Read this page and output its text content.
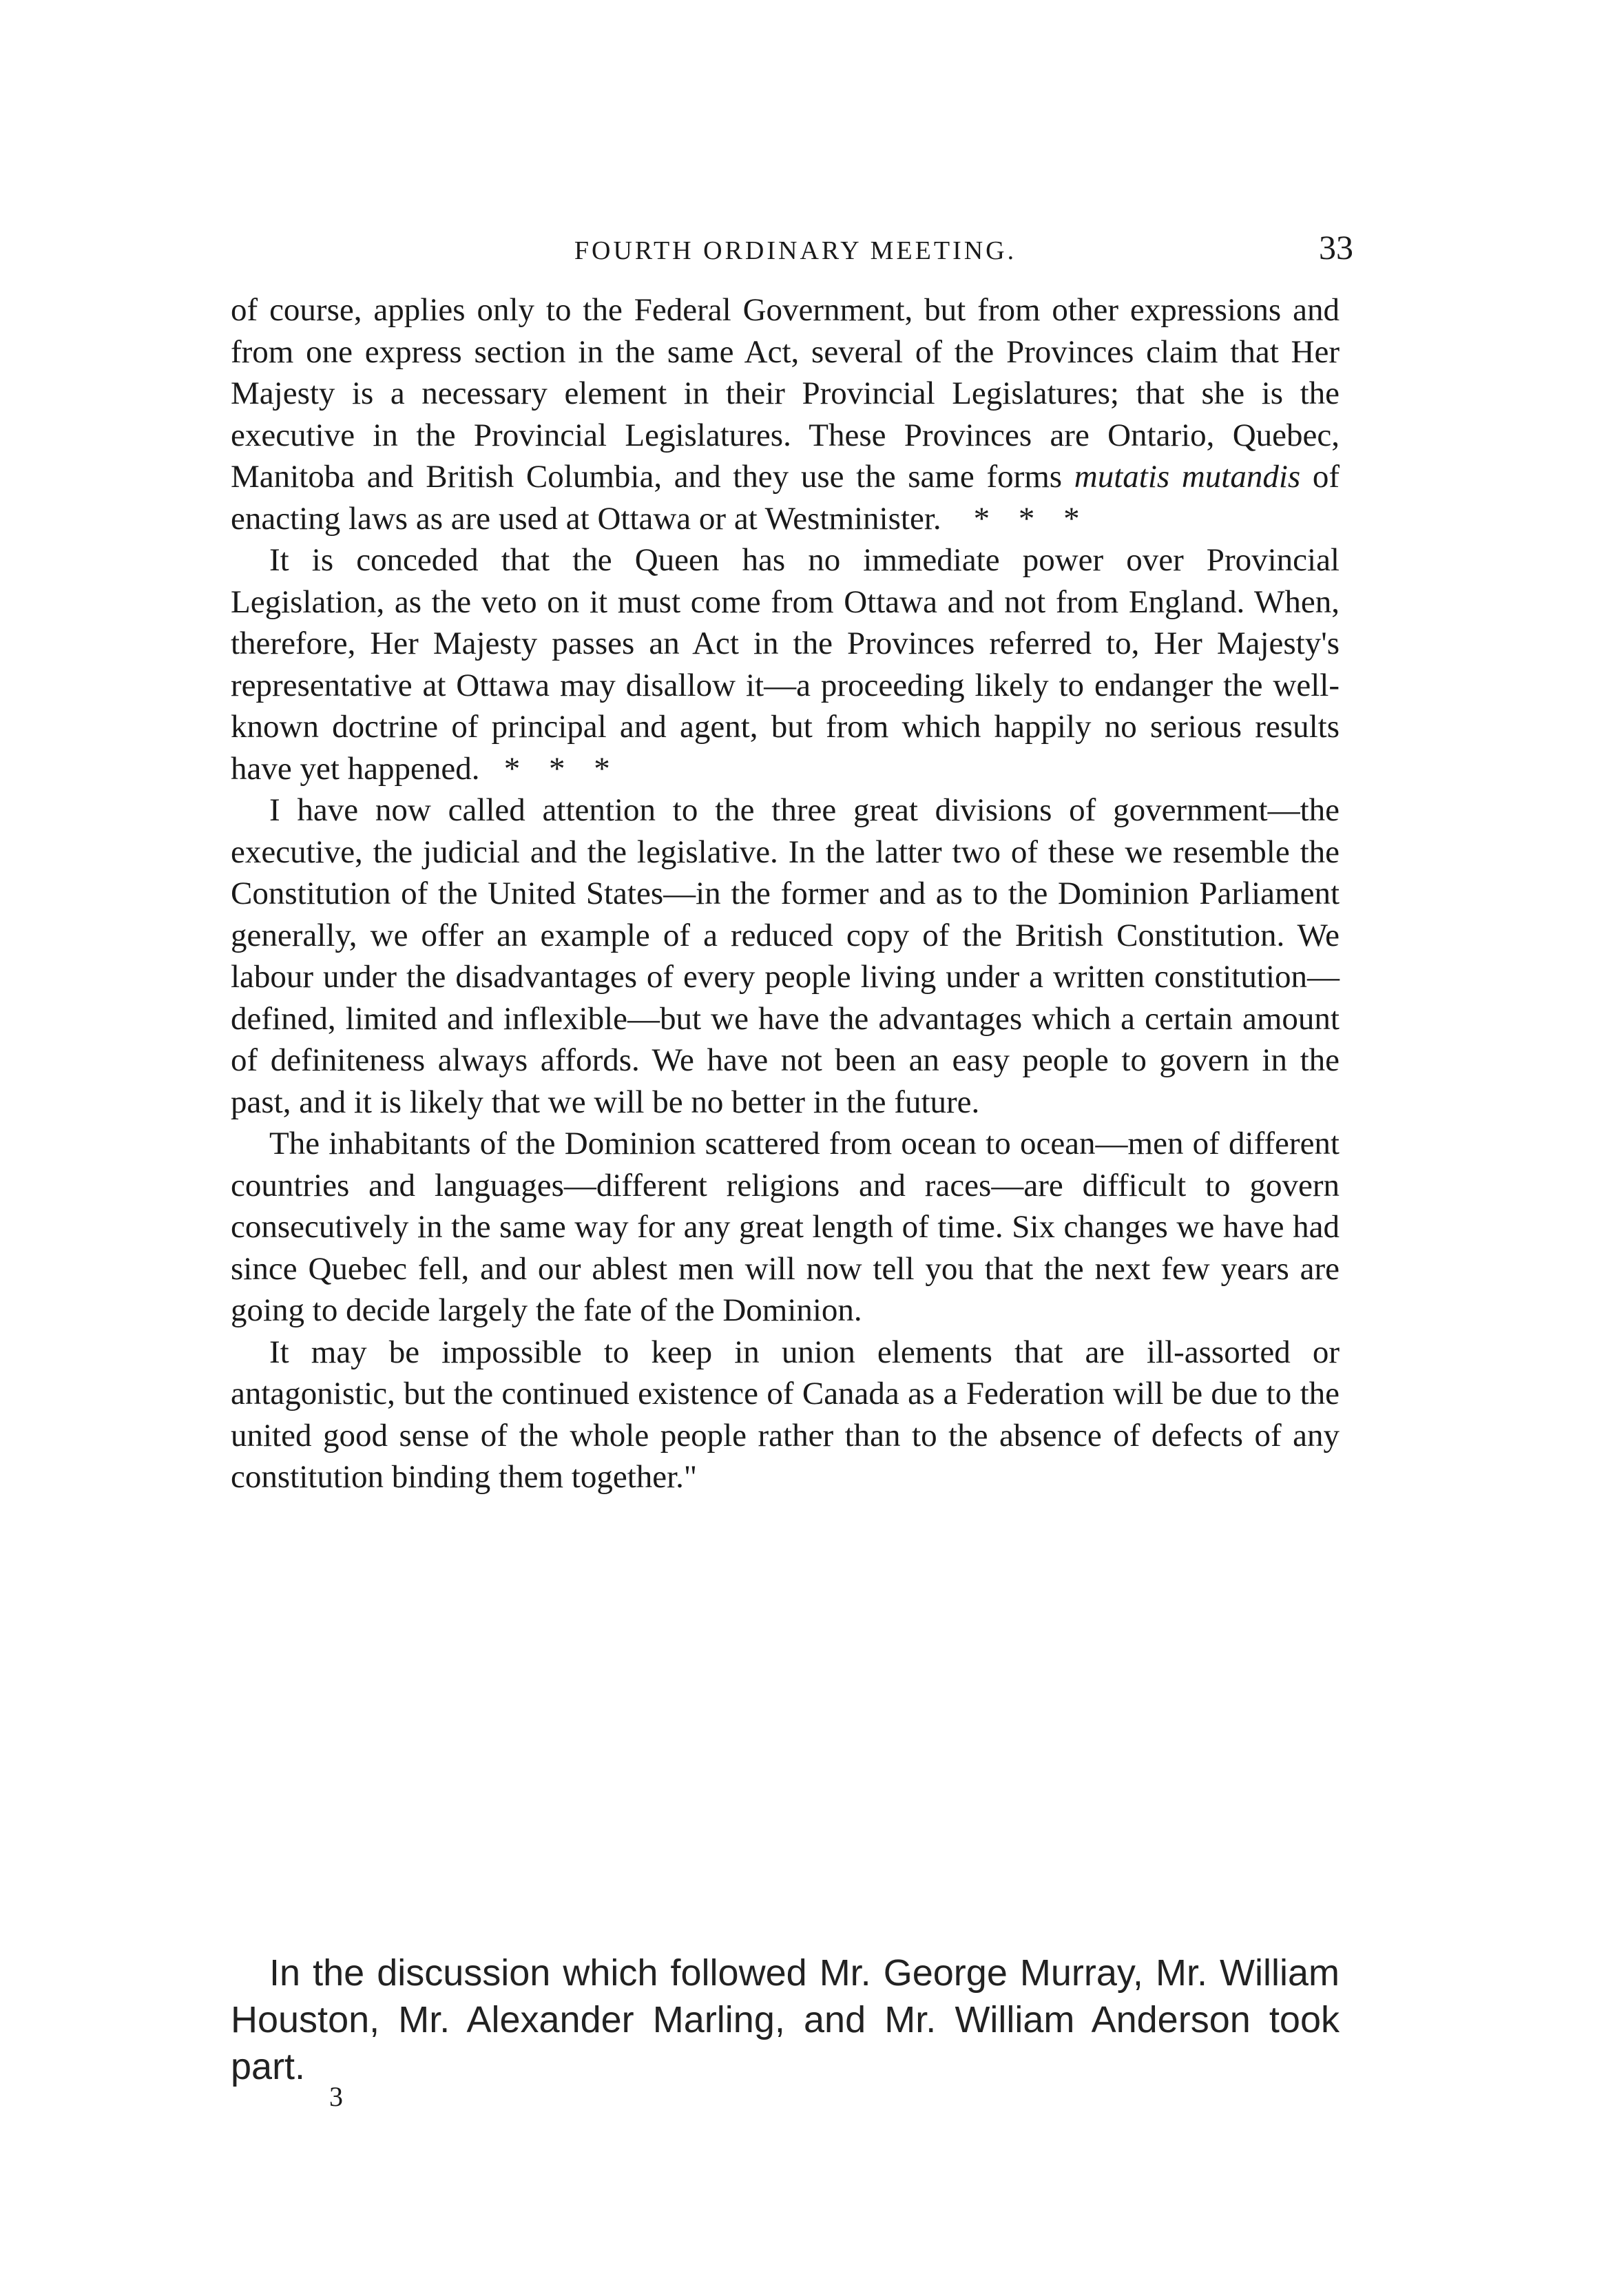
FOURTH ORDINARY MEETING.	33

of course, applies only to the Federal Government, but from other expressions and from one express section in the same Act, several of the Provinces claim that Her Majesty is a necessary element in their Provincial Legislatures; that she is the executive in the Provincial Legislatures. These Provinces are Ontario, Quebec, Manitoba and British Columbia, and they use the same forms mutatis mutandis of enacting laws as are used at Ottawa or at Westminister. * * *

It is conceded that the Queen has no immediate power over Provincial Legislation, as the veto on it must come from Ottawa and not from England. When, therefore, Her Majesty passes an Act in the Provinces referred to, Her Majesty's representative at Ottawa may disallow it—a proceeding likely to endanger the well-known doctrine of principal and agent, but from which happily no serious results have yet happened. * * *

I have now called attention to the three great divisions of government—the executive, the judicial and the legislative. In the latter two of these we resemble the Constitution of the United States—in the former and as to the Dominion Parliament generally, we offer an example of a reduced copy of the British Constitution. We labour under the disadvantages of every people living under a written constitution—defined, limited and inflexible—but we have the advantages which a certain amount of definiteness always affords. We have not been an easy people to govern in the past, and it is likely that we will be no better in the future.

The inhabitants of the Dominion scattered from ocean to ocean—men of different countries and languages—different religions and races—are difficult to govern consecutively in the same way for any great length of time. Six changes we have had since Quebec fell, and our ablest men will now tell you that the next few years are going to decide largely the fate of the Dominion.

It may be impossible to keep in union elements that are ill-assorted or antagonistic, but the continued existence of Canada as a Federation will be due to the united good sense of the whole people rather than to the absence of defects of any constitution binding them together."

In the discussion which followed Mr. George Murray, Mr. William Houston, Mr. Alexander Marling, and Mr. William Anderson took part.

3
